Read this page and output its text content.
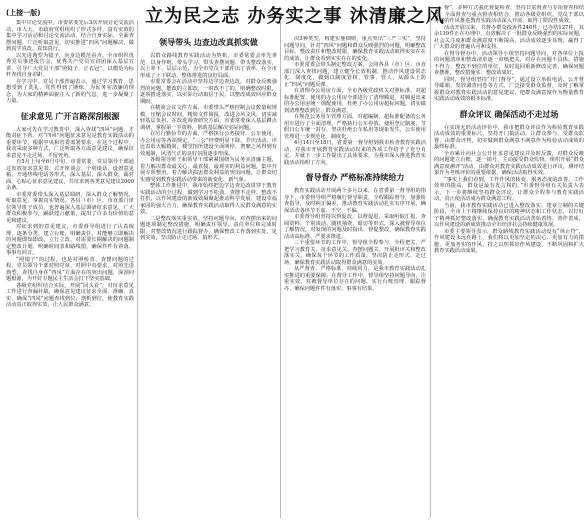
(上接一版)	立为民之志 办务实之事 沐清廉之风

集中甘论交流中，市委常委先后3次开展讨论交流活动，市人大、市政府党组组织了形式多样、富有实效的集中学习活动和讨论交流活动，结合自身实际，全面查摆问题，广泛听取意见，切实推进“四风”问题解决，做到真学真改、真知真行。

以先进典型为镜子，向身边模范看齐。全市组织优秀党员事迹报告会，优秀共产党员宣讲团深入基层宣讲，引导广大党员干部“照镜子、正衣冠”，以模范为标杆查找自身差距。

在学习中，党员干部普遍表示，通过学习教育，思想受到了洗礼，党性得到了锤炼，为民务实清廉的理念，为大家的精神面貌注入了新的气息，进一步凝聚了力量。

征求意见 广开言路深刮根源

大家可先在学习教育中，深入查找“四风”问题，才能对症下药，对“四风”问题征求意见是教育实践活动的重要环节，根据中央和省委部署要求，在这个过程中，我市采取多种方式，广泛听取各方面意见建议，确保征求意见不走过场、不留死角。

自5月上旬至6月中旬，市委常委、党员领导干部通过发放征求意见表、召开座谈会、个别谈话、设置意见箱、开通热线电话等形式，深入基层、深入群众，面对面、心贴心征求意见建议，共征求到各类意见建议2000余条。

市委常委带头深入基层调研，深入群众了解情况，听取意见，掌握真实情况。各县（市）区、市直部门单位领导班子成员，也普遍深入基层调研征求意见，广大群众积极参与，踊跃建言献策，提出了许多有价值的意见和建议。

对征求到的意见建议，市委督导组进行了认真梳理，逐条分类，建立台账，明确责任，对能够立即解决的问题即知即改、立行立改，对需要长期解决的问题制定整改计划，明确时间表和路线图，确保件件有着落、事事有回音。

“照镜子”的过程，也是对照检查、查摆问题的过程。党员领导干部对照党章，对照中央要求，对照先进典型，查找自身在“四风”方面存在的突出问题，深刮问题根源，为开好专题民主生活会打下坚实基础。

各级党组织结合实际，开展“回头看”，对征求意见工作进行查漏补缺，确保意见建议征求全面、准确、真实，确保“四风”问题查找到位、剖析到位，使教育实践活动真正取得实效，让人民群众满意。

领导带头 边查边改真抓实做

以群众路线教育实践活动为契机，市委常委会率先垂范、以身作则，带头学习、带头查摆问题、带头整改落实，以上率下，层层示范，为全市党员干部作出了表率，在全市形成了上下联动、整体推进的良好局面。

市委常委会在活动中坚持边学边查边改，对群众反映强烈的问题，能改的立即改，一时改不了的，明确整改时限，逐项推进落实，以实际行动取信于民，以整改成效回应群众期盼。

在精简会议文件方面，市委带头严格控制会议数量和规模，压缩会议时间，精简文件简报，改进会风文风，切实减轻基层负担。在改进调查研究方面，市委常委深入基层蹲点调研，掌握第一手资料，帮助基层解决实际问题。

在厉行勤俭节约方面，严格执行公务接待、公车使用、办公用房等各项规定，“三公”经费明显下降，节庆活动、评比表彰大幅精简，楼堂馆所建设全面叫停，奢靡之风得到有效遏制，风清气正的良好氛围逐步形成。

各级领导班子和领导干部紧紧围绕为民务实清廉主题，着力解决群众最关心、最直接、最现实的利益问题，集中开展专项整治，着力解决损害群众利益的突出问题，让群众切实感受到教育实践活动带来的新变化、新气象。

整体工作推进中，我市始终把边学边查边改贯穿于教育实践活动的全过程，做到学习不松劲、查摆不走样、整改不打折，以作风建设的新成效凝聚起推动科学发展、建设幸福家园的强大合力，确保教育实践活动取得人民群众满意的实效。

二是整改落实重实效。坚持问题导向，对查摆出来的问题逐项制定整改措施，明确责任领导、责任单位和完成时限，对整改情况进行跟踪督办，确保整改工作落到实处、见到实效，坚决防止走过场、搞形式。

决3种类型，构建实施细则，重点突出“三严三实”，坚持问题导向，针对“四风”问题和群众反映强烈的问题，明确整改目标、整改责任和整改时限，确保教育实践活动取得实实在在的成效，让群众看到实实在在的变化。

市委常委会带头制定整改方案，会同各县（市）区、市直部门深入查找问题，建立健全长效机制，推动作风建设常态化、制度化，做到以制度管权、管事、管人，从源头上防止“四风”问题反弹。

在清理办公用房方面，全市各级党政机关对照标准，对超标准配置、使用的办公用房全部进行了清理腾退，对腾退出来的办公用房统一调配使用，杜绝了办公用房超标问题，切实做到清理整改到位、群众满意。

在规范公务用车管理方面，对超编制、超标准配备的公务用车进行了全面清理，严格执行公车停放、使用登记制度，节假日公车统一封存，坚决杜绝公车私用等现象发生，公车使用管理进一步规范化、制度化。

4月14日至18日，省委第一督导组到我市检查教育实践活动，对我市开展教育实践活动以来的各项工作给予了充分肯定，并就下一步工作提出了具体要求，为我市深入推进教育实践活动指明了方向。

督导督办 严格标准持续给力

教育实践活动开展两个多月以来，在省委第一督导组的指导下，市委督导组严格履行督导职责，全程跟踪督导，加强检查指导，及时纠正偏差，推动教育实践活动扎实有序开展，确保活动各环节不虚、不空、不偏。

市委督导组坚持以督促改、以督促进，采取听取汇报、查阅资料、个别谈话、随机抽查、暗访等形式，深入被督导单位了解情况，对发现的问题及时指出、督促整改，确保教育实践活动高标准、严要求推进。

三个重要环节的工作中，督导组全程参与、全程把关，严把学习教育关、征求意见关、查摆问题关、开展批评关和整改落实关，确保每个环节的工作质量，坚决防止走形式、走过场，确保教育实践活动取得群众满意的实效。

从严督查、严格标准、持续用力，是我市教育实践活动扎实推进的重要保障。在督导工作中，督导组坚持问题导向，注重实效，对被督导单位存在的问题，实行台账管理、跟踪督办，确保问题件件有落实、事事有结果。

督”，多种方式强化督促检查，坚持日常督查与专项督查相结合，全面督查与重点督查相结合，推动各级党组织、党员干部以务实的作风推进教育实践活动深入开展，取得了阶段性成效。

活动开展以来，共督办群众投诉件246件，已办结127件，其余119件正在办理中，有效解决了一批群众反映强烈的实际问题，社会关注度和群众满意度不断提高，活动成效逐步显现，赢得了广大群众的普遍认可和支持。

在督导督办中，活动领导小组坚持问题导向，对各单位上报的问题清单和整改清单逐一审核把关，对存在问题不具体、措施不得力、整改不到位的单位，及时退回重新修改完善，确保问题查摆准、整改措施实、整改效果好。

同时，督导组坚持“开门督导”，通过设立举报电话、公开督导邮箱、发放调查问卷等方式，广泛接受群众监督，及时了解掌握群众对教育实践活动的意见建议，把群众满意度作为衡量教育实践活动成效的根本标准。

群众评议 确保活动不走过场

在实现无形活动评价中，我市把群众评议作为检验教育实践活动成效的重要标尺，坚持开门搞活动，让群众参与、受群众监督、由群众评判，切实做到群众满意不满意作为检验活动成效的最终标准。

全市累计向社会公开征求意见建议并及时反馈，对群众反映的问题建立台账，逐一销号，主动接受群众监督。组织开展“群众满意度测评”活动，由群众对教育实践活动成效进行评议，测评结果作为考核评价的重要依据，确保活动取得实效。

“事实上我们看到，工作作风的转变、服务态度的改善、工作效率的提高，群众是最有发言权的。”市委督导组有关负责人表示，下一步将继续坚持群众评议，让群众全程参与教育实践活动，真正使活动成为群众满意工程。

当前，我市教育实践活动已进入整改落实、建章立制的关键阶段，全市上下将继续保持良好的精神状态和工作状态，以钉钉子精神抓好整改落实，确保教育实践活动善始善终、善作善成，以作风建设的新成效推动全市经济社会持续健康发展。

市委主要领导表示，群众路线教育实践活动没有“休止符”，作风建设永远在路上，我们将以更加坚定的决心、更加有力的措施、更加务实的作风，持之以恒抓好作风建设，不断巩固和扩大教育实践活动成果。
